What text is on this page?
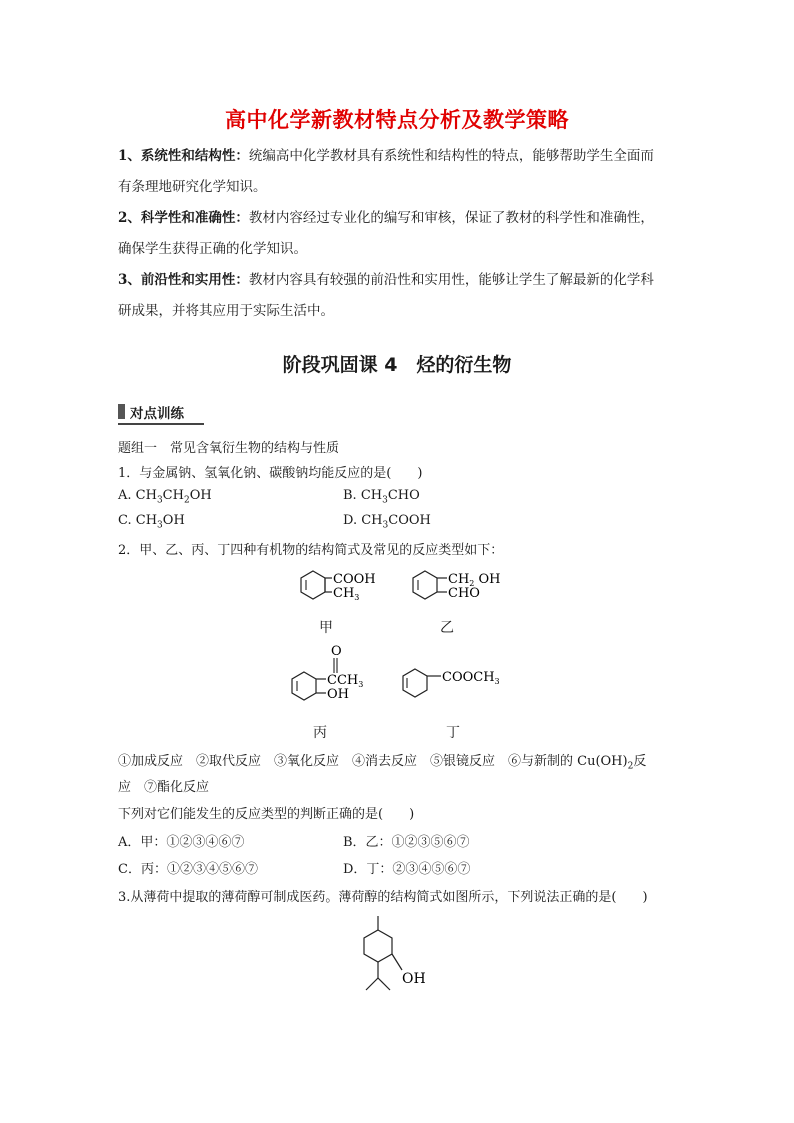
高中化学新教材特点分析及教学策略
1、系统性和结构性：统编高中化学教材具有系统性和结构性的特点，能够帮助学生全面而
有条理地研究化学知识。
2、科学性和准确性：教材内容经过专业化的编写和审核，保证了教材的科学性和准确性，
确保学生获得正确的化学知识。
3、前沿性和实用性：教材内容具有较强的前沿性和实用性，能够让学生了解最新的化学科
研成果，并将其应用于实际生活中。
阶段巩固课 4　烃的衍生物
对点训练
题组一　常见含氧衍生物的结构与性质
1．与金属钠、氢氧化钠、碳酸钠均能反应的是(　　)
A. $CH_3CH_2OH$	B. $CH_3CHO$
C. $CH_3OH$	D. $CH_3COOH$
2．甲、乙、丙、丁四种有机物的结构简式及常见的反应类型如下：
COOH
$CH_3$
甲
$CH_2$ OH
CHO
乙
O
$CCH_3$
OH
丙
$COOCH_3$
丁
①加成反应　②取代反应　③氧化反应　④消去反应　⑤银镜反应　⑥与新制的 $Cu(OH)_2$反
应　⑦酯化反应
下列对它们能发生的反应类型的判断正确的是(　　)
A．甲：①②③④⑥⑦	B．乙：①②③⑤⑥⑦
C．丙：①②③④⑤⑥⑦	D．丁：②③④⑤⑥⑦
3.从薄荷中提取的薄荷醇可制成医药。薄荷醇的结构简式如图所示，下列说法正确的是(　　)
OH
